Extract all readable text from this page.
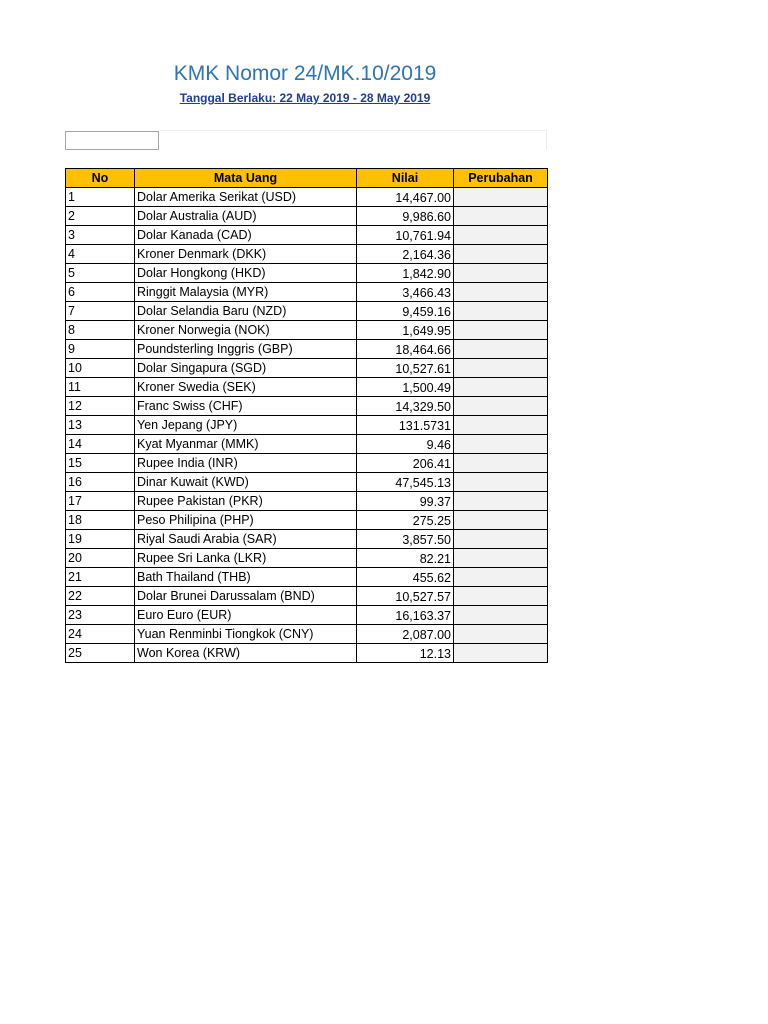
KMK Nomor 24/MK.10/2019
Tanggal Berlaku: 22 May 2019 - 28 May 2019
No	Mata Uang	Nilai	Perubahan
1	Dolar Amerika Serikat (USD)	14,467.00	
2	Dolar Australia (AUD)	9,986.60	
3	Dolar Kanada (CAD)	10,761.94	
4	Kroner Denmark (DKK)	2,164.36	
5	Dolar Hongkong (HKD)	1,842.90	
6	Ringgit Malaysia (MYR)	3,466.43	
7	Dolar Selandia Baru (NZD)	9,459.16	
8	Kroner Norwegia (NOK)	1,649.95	
9	Poundsterling Inggris (GBP)	18,464.66	
10	Dolar Singapura (SGD)	10,527.61	
11	Kroner Swedia (SEK)	1,500.49	
12	Franc Swiss (CHF)	14,329.50	
13	Yen Jepang (JPY)	131.5731	
14	Kyat Myanmar (MMK)	9.46	
15	Rupee India (INR)	206.41	
16	Dinar Kuwait (KWD)	47,545.13	
17	Rupee Pakistan (PKR)	99.37	
18	Peso Philipina (PHP)	275.25	
19	Riyal Saudi Arabia (SAR)	3,857.50	
20	Rupee Sri Lanka (LKR)	82.21	
21	Bath Thailand (THB)	455.62	
22	Dolar Brunei Darussalam (BND)	10,527.57	
23	Euro Euro (EUR)	16,163.37	
24	Yuan Renminbi Tiongkok (CNY)	2,087.00	
25	Won Korea (KRW)	12.13	
